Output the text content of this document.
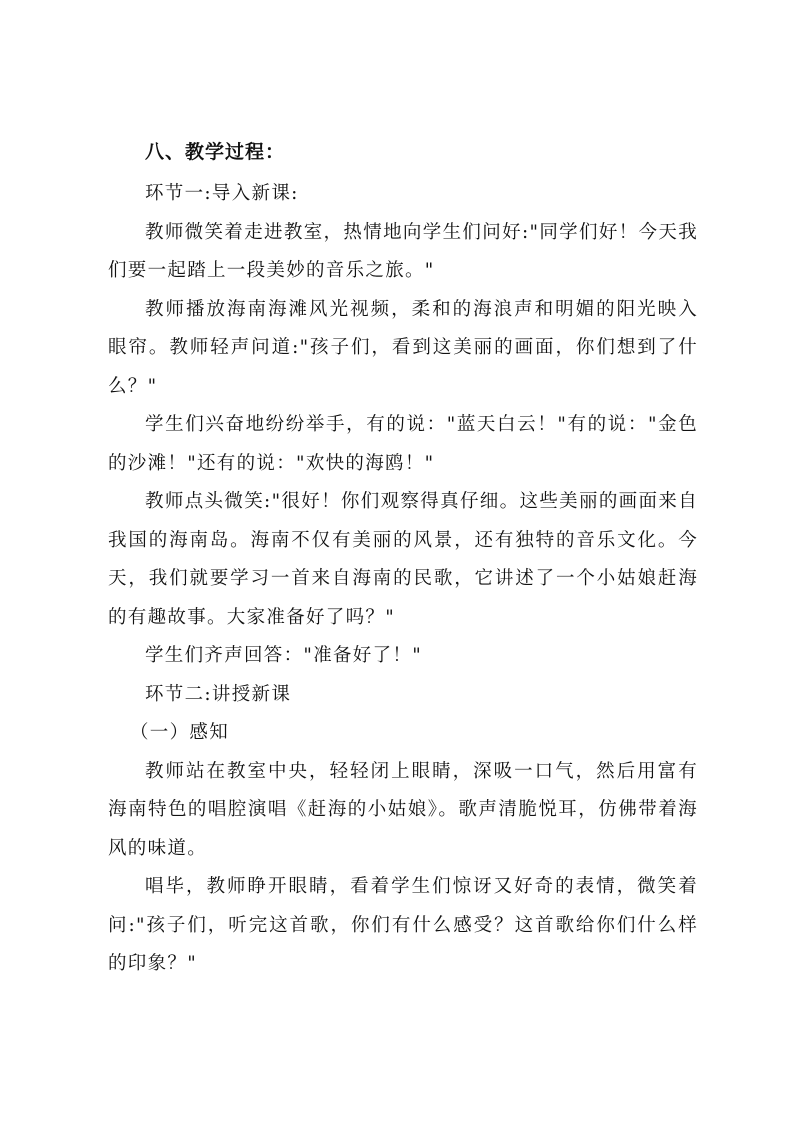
八、教学过程：

环节一:导入新课:

教师微笑着走进教室，热情地向学生们问好:"同学们好！今天我们要一起踏上一段美妙的音乐之旅。"

教师播放海南海滩风光视频，柔和的海浪声和明媚的阳光映入眼帘。教师轻声问道:"孩子们，看到这美丽的画面，你们想到了什么？"

学生们兴奋地纷纷举手，有的说："蓝天白云！"有的说："金色的沙滩！"还有的说："欢快的海鸥！"

教师点头微笑:"很好！你们观察得真仔细。这些美丽的画面来自我国的海南岛。海南不仅有美丽的风景，还有独特的音乐文化。今天，我们就要学习一首来自海南的民歌，它讲述了一个小姑娘赶海的有趣故事。大家准备好了吗？"

学生们齐声回答："准备好了！"

环节二:讲授新课

（一）感知

教师站在教室中央，轻轻闭上眼睛，深吸一口气，然后用富有海南特色的唱腔演唱《赶海的小姑娘》。歌声清脆悦耳，仿佛带着海风的味道。

唱毕，教师睁开眼睛，看着学生们惊讶又好奇的表情，微笑着问:"孩子们，听完这首歌，你们有什么感受？这首歌给你们什么样的印象？"
